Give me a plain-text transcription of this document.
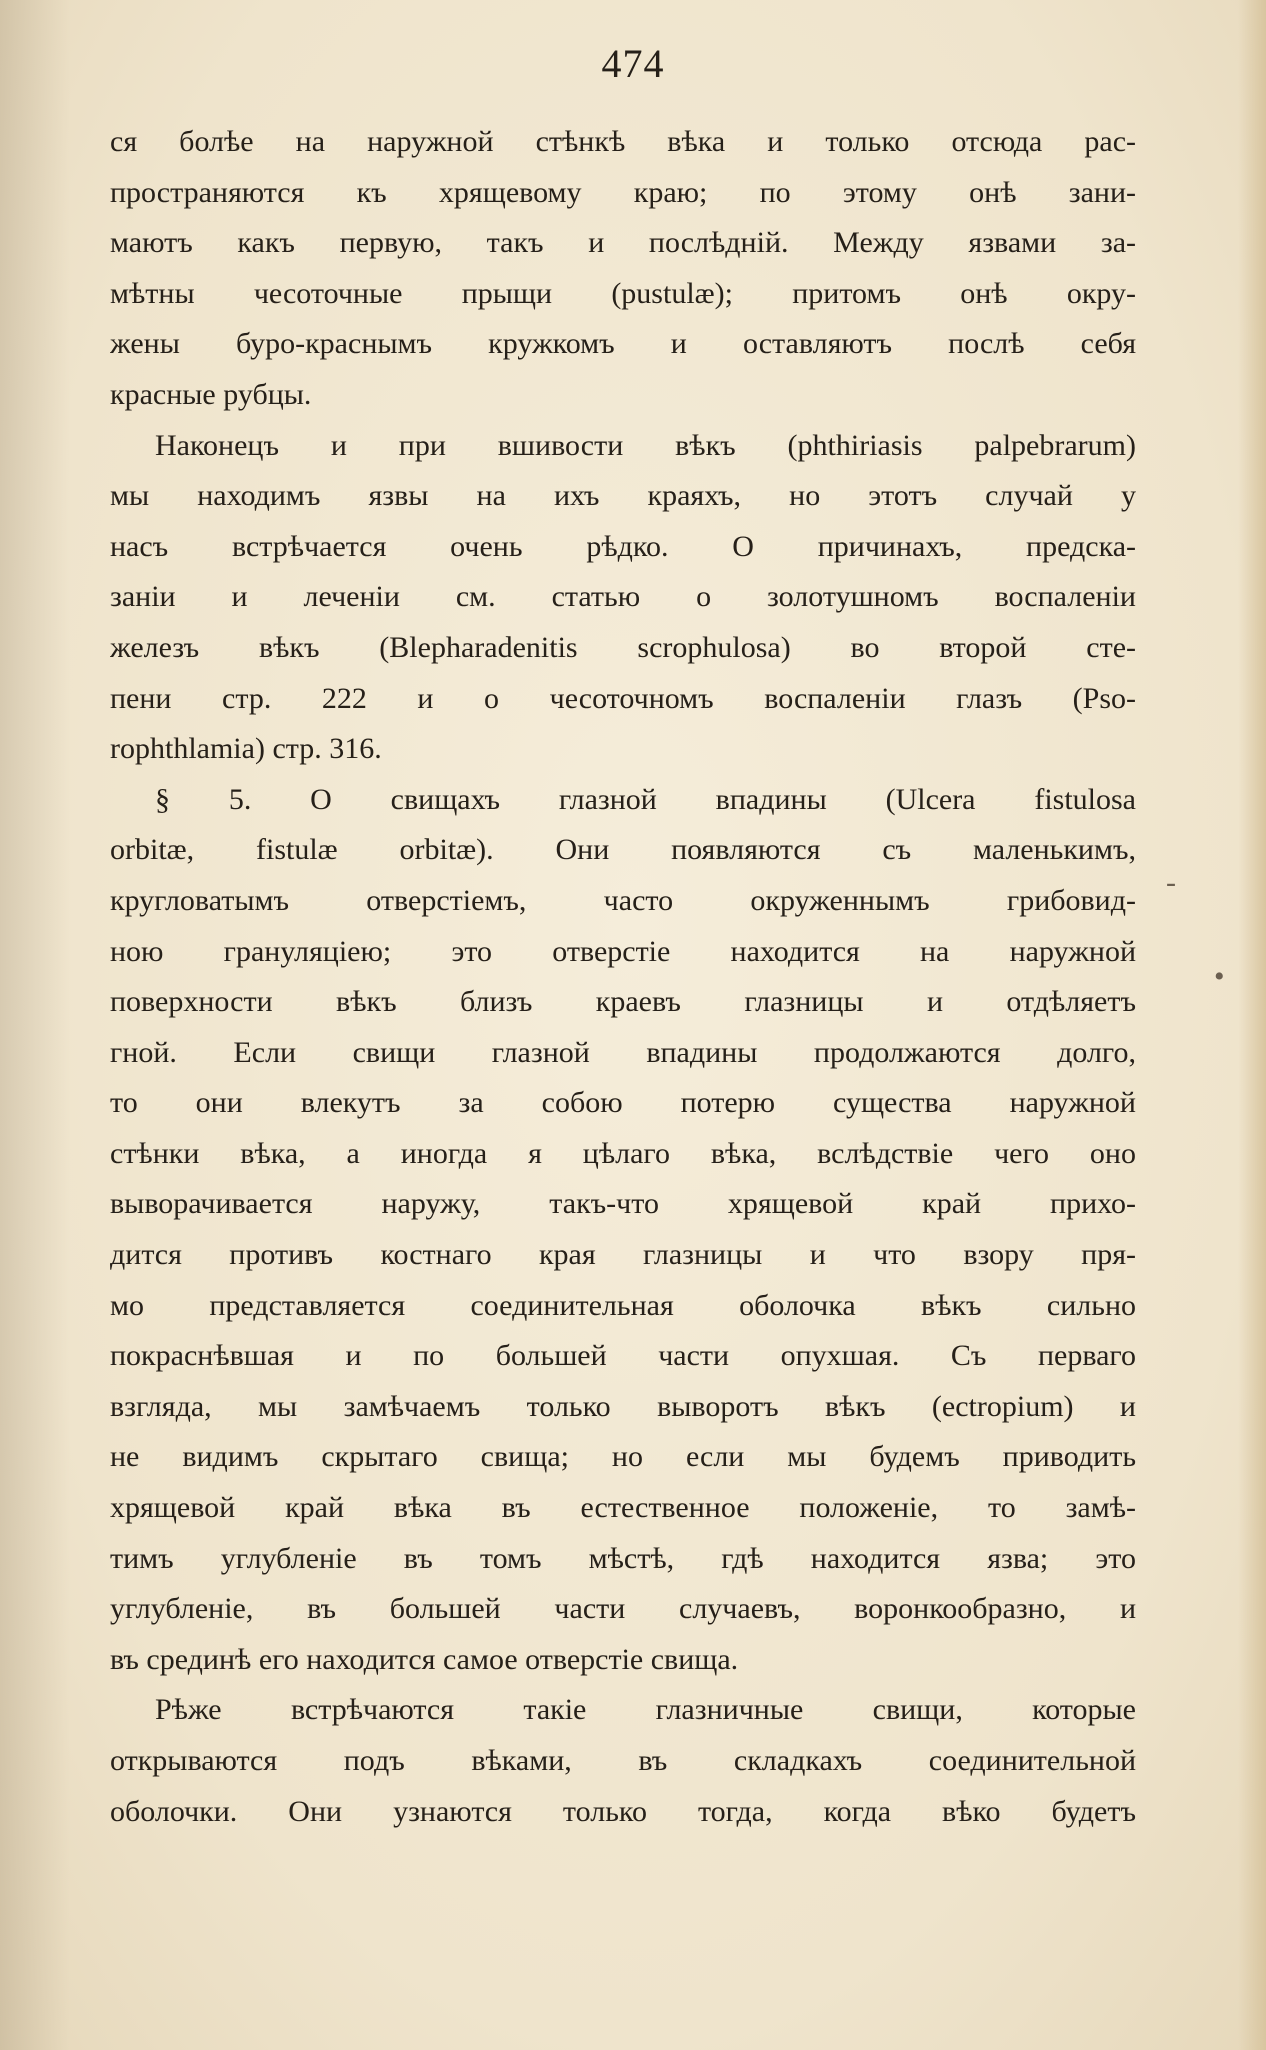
474
ся болѣе на наружной стѣнкѣ вѣка и только отсюда рас-
пространяются къ хрящевому краю; по этому онѣ зани-
маютъ какъ первую, такъ и послѣдній. Между язвами за-
мѣтны чесоточные прыщи (pustulæ); притомъ онѣ окру-
жены буро-краснымъ кружкомъ и оставляютъ послѣ себя
красные рубцы.
Наконецъ и при вшивости вѣкъ (phthiriasis palpebrarum)
мы находимъ язвы на ихъ краяхъ, но этотъ случай у
насъ встрѣчается очень рѣдко. О причинахъ, предска-
заніи и леченіи см. статью о золотушномъ воспаленіи
железъ вѣкъ (Blepharadenitis scrophulosa) во второй сте-
пени стр. 222 и о чесоточномъ воспаленіи глазъ (Pso-
rophthlamia) стр. 316.
§ 5. О свищахъ глазной впадины (Ulcera fistulosa
orbitæ, fistulæ orbitæ). Они появляются съ маленькимъ,
кругловатымъ отверстіемъ, часто окруженнымъ грибовид-
ною грануляціею; это отверстіе находится на наружной
поверхности вѣкъ близъ краевъ глазницы и отдѣляетъ
гной. Если свищи глазной впадины продолжаются долго,
то они влекутъ за собою потерю существа наружной
стѣнки вѣка, а иногда я цѣлаго вѣка, вслѣдствіе чего оно
выворачивается наружу, такъ-что хрящевой край прихо-
дится противъ костнаго края глазницы и что взору пря-
мо представляется соединительная оболочка вѣкъ сильно
покраснѣвшая и по большей части опухшая. Съ перваго
взгляда, мы замѣчаемъ только выворотъ вѣкъ (ectropium) и
не видимъ скрытаго свища; но если мы будемъ приводить
хрящевой край вѣка въ естественное положеніе, то замѣ-
тимъ углубленіе въ томъ мѣстѣ, гдѣ находится язва; это
углубленіе, въ большей части случаевъ, воронкообразно, и
въ срединѣ его находится самое отверстіе свища.
Рѣже встрѣчаются такіе глазничные свищи, которые
открываются подъ вѣками, въ складкахъ соединительной
оболочки. Они узнаются только тогда, когда вѣко будетъ
-
•
